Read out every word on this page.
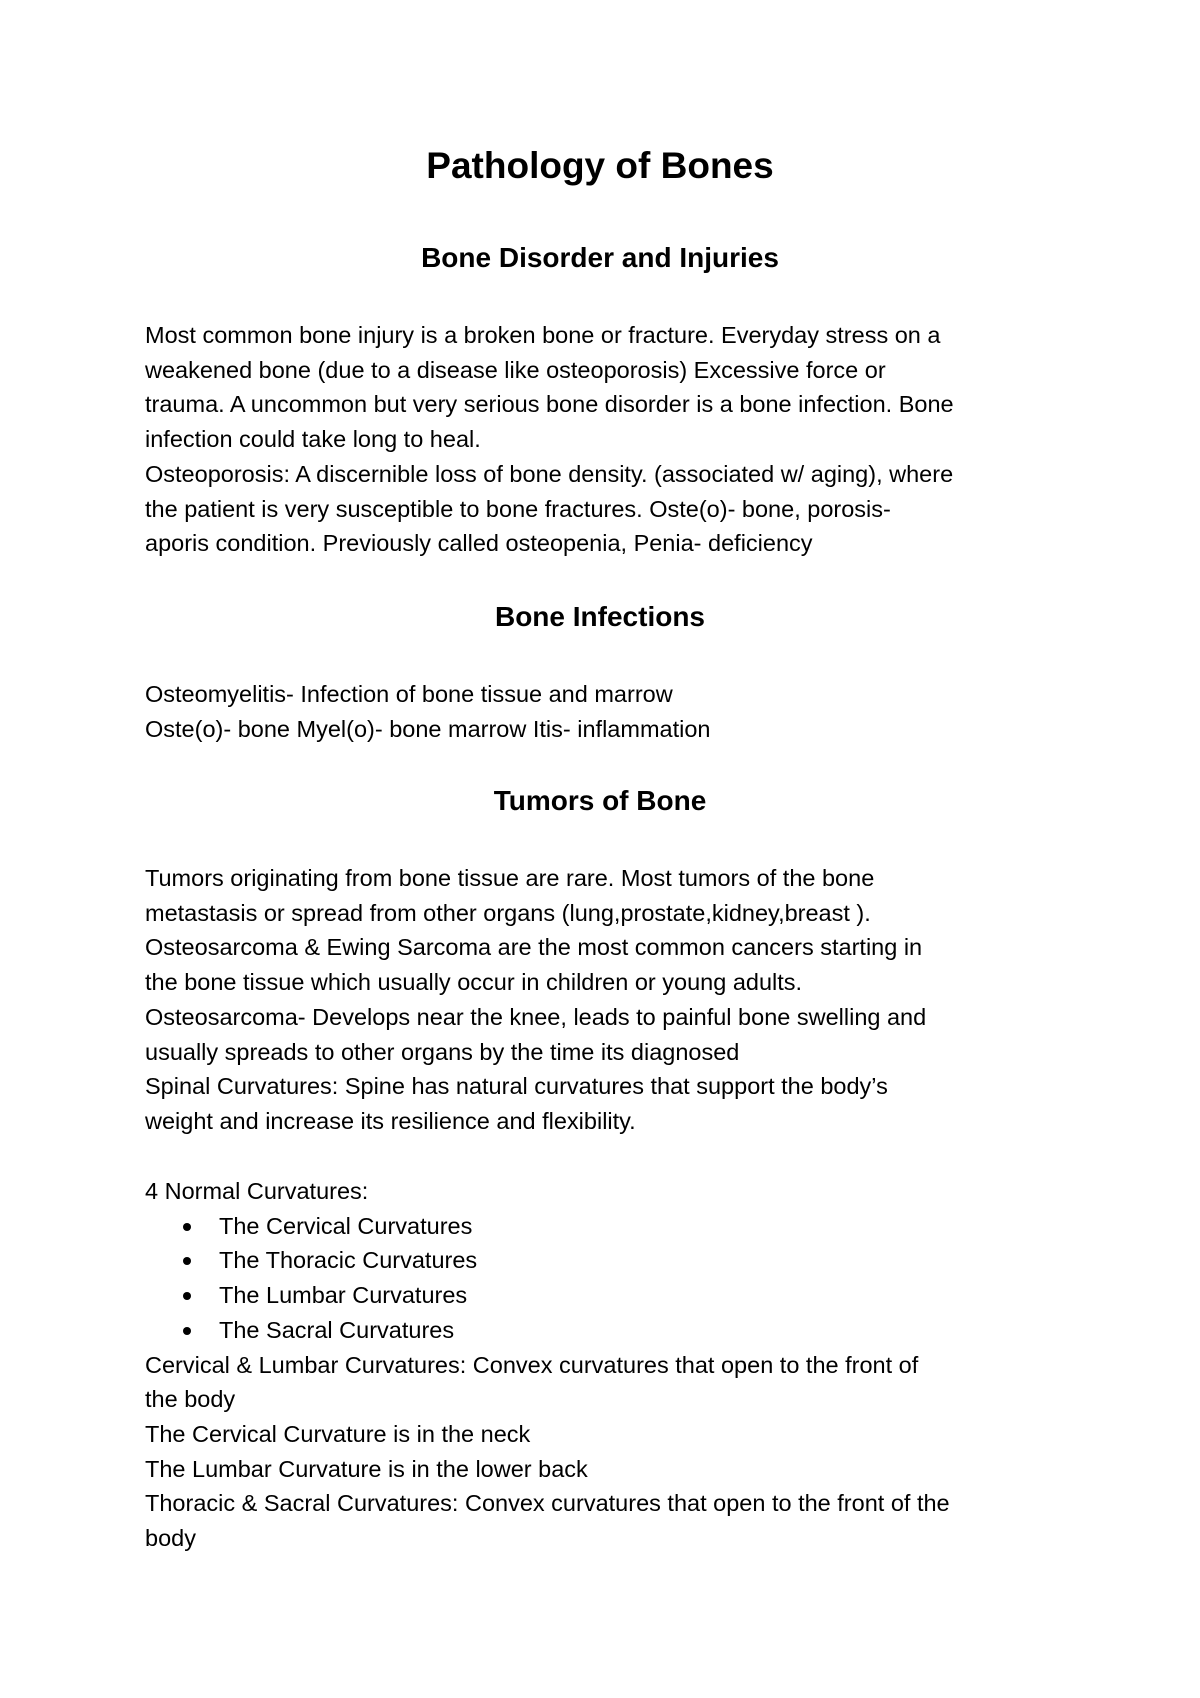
Pathology of Bones
Bone Disorder and Injuries

Most common bone injury is a broken bone or fracture. Everyday stress on a

weakened bone (due to a disease like osteoporosis) Excessive force or

trauma. A uncommon but very serious bone disorder is a bone infection. Bone

infection could take long to heal.

Osteoporosis: A discernible loss of bone density. (associated w/ aging), where

the patient is very susceptible to bone fractures. Oste(o)- bone, porosis-

aporis condition. Previously called osteopenia, Penia- deficiency

Bone Infections

Osteomyelitis- Infection of bone tissue and marrow

Oste(o)- bone Myel(o)- bone marrow Itis- inflammation

Tumors of Bone

Tumors originating from bone tissue are rare. Most tumors of the bone

metastasis or spread from other organs (lung,prostate,kidney,breast ).

Osteosarcoma & Ewing Sarcoma are the most common cancers starting in

the bone tissue which usually occur in children or young adults.

Osteosarcoma- Develops near the knee, leads to painful bone swelling and

usually spreads to other organs by the time its diagnosed

Spinal Curvatures: Spine has natural curvatures that support the body’s

weight and increase its resilience and flexibility.

4 Normal Curvatures:

The Cervical Curvatures
The Thoracic Curvatures
The Lumbar Curvatures
The Sacral Curvatures

Cervical & Lumbar Curvatures: Convex curvatures that open to the front of

the body

The Cervical Curvature is in the neck

The Lumbar Curvature is in the lower back

Thoracic & Sacral Curvatures: Convex curvatures that open to the front of the

body
